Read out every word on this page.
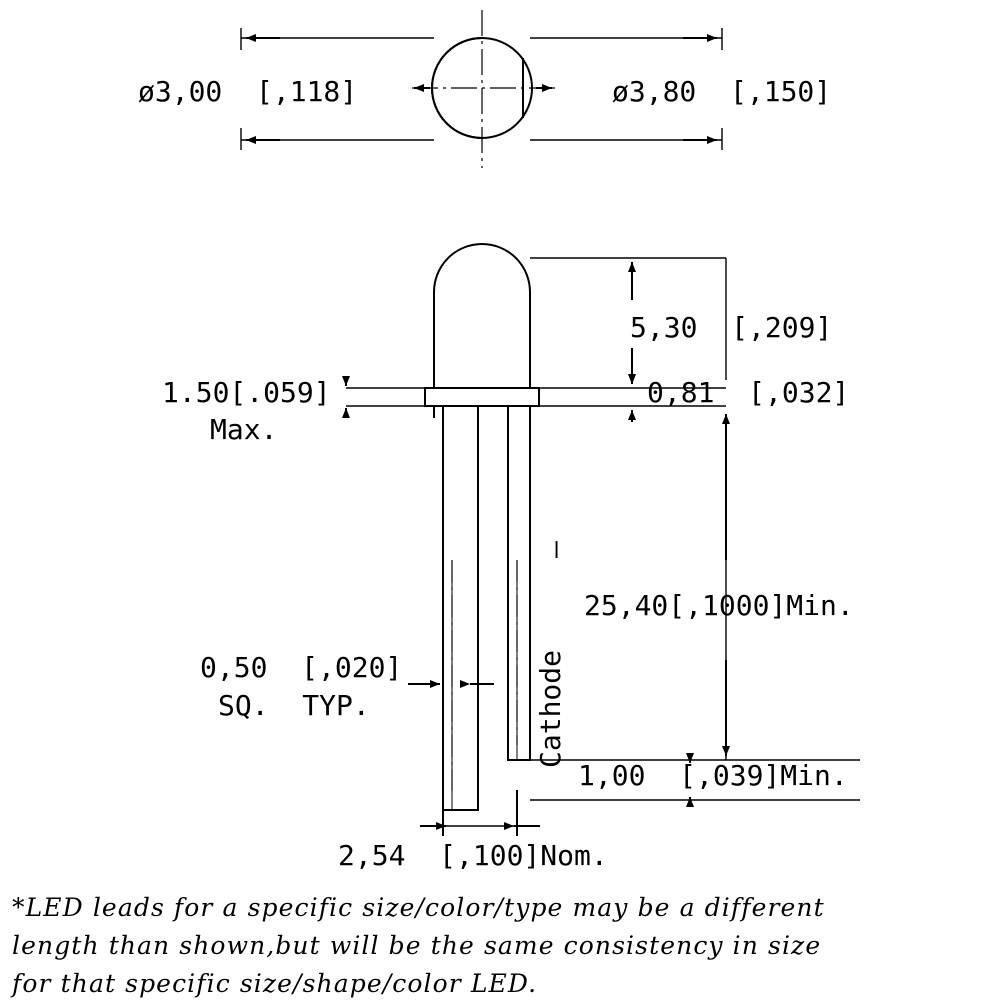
ø3,00  [,118]	ø3,80  [,150]
5,30  [,209]
0,81  [,032]
1.50[.059]
Max.
25,40[,1000]Min.
0,50  [,020]
SQ.  TYP.
1,00  [,039]Min.
2,54  [,100]Nom.
Cathode
–
*LED leads for a specific size/color/type may be a different
length than shown,but will be the same consistency in size
for that specific size/shape/color LED.
